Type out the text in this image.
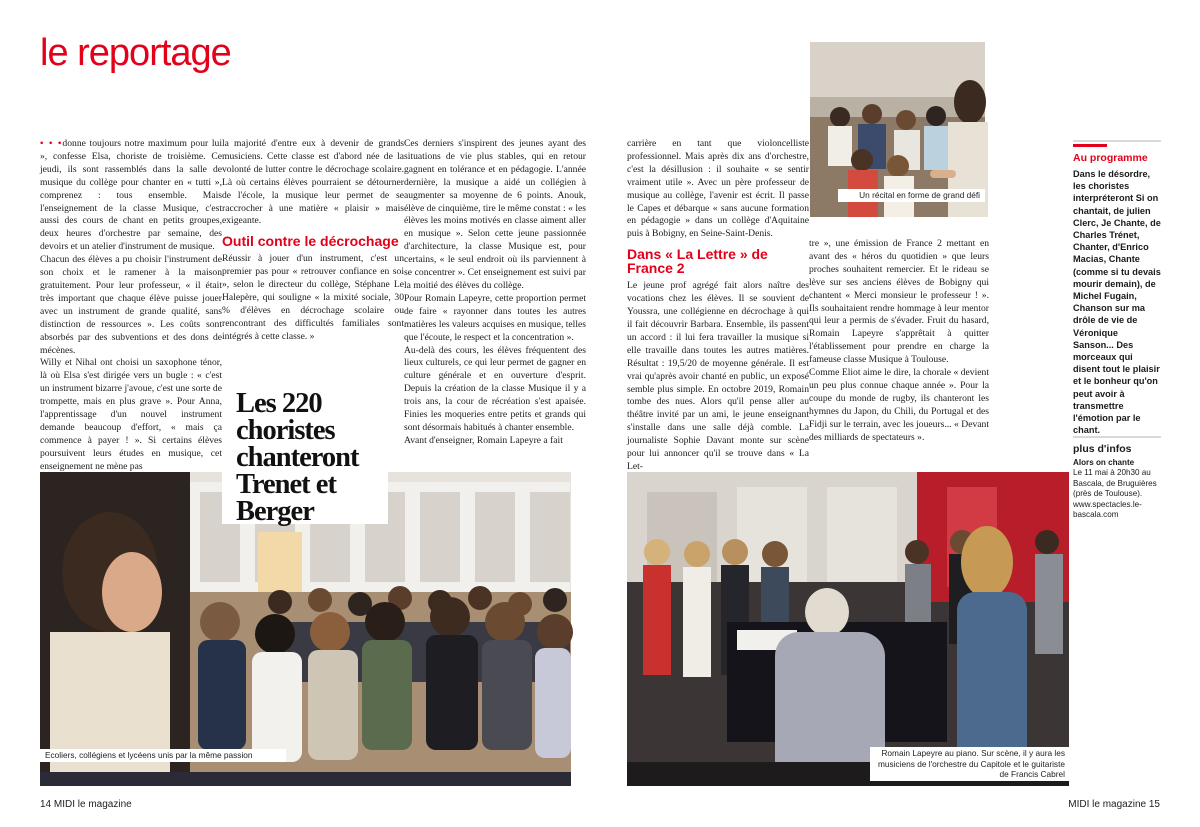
le reportage

• • •donne toujours notre maximum pour lui », confesse Elsa, choriste de troisième. Ce jeudi, ils sont rassemblés dans la salle de musique du collège pour chanter en « tutti », comprenez : tous ensemble. Mais l'enseignement de la classe Musique, c'est aussi des cours de chant en petits groupes, deux heures d'orchestre par semaine, des devoirs et un atelier d'instrument de musique.

Chacun des élèves a pu choisir l'instrument de son choix et le ramener à la maison gratuitement. Pour leur professeur, « il était très important que chaque élève puisse jouer avec un instrument de grande qualité, sans distinction de ressources ». Les coûts sont absorbés par des subventions et des dons de mécènes.

Willy et Nihal ont choisi un saxophone ténor, là où Elsa s'est dirigée vers un bugle : « c'est un instrument bizarre j'avoue, c'est une sorte de trompette, mais en plus grave ». Pour Anna, l'apprentissage d'un nouvel instrument demande beaucoup d'effort, « mais ça commence à payer ! ». Si certains élèves poursuivent leurs études en musique, cet enseignement ne mène pas

la majorité d'entre eux à devenir de grands musiciens. Cette classe est d'abord née de la volonté de lutter contre le décrochage scolaire. Là où certains élèves pourraient se détourner de l'école, la musique leur permet de se raccrocher à une matière « plaisir » mais exigeante.

Outil contre le décrochage

Réussir à jouer d'un instrument, c'est un premier pas pour « retrouver confiance en soi », selon le directeur du collège, Stéphane Le Halepère, qui souligne « la mixité sociale, 30 % d'élèves en décrochage scolaire ou rencontrant des difficultés familiales sont intégrés à cette classe. »

Les 220 choristes chanteront Trenet et Berger

Ces derniers s'inspirent des jeunes ayant des situations de vie plus stables, qui en retour gagnent en tolérance et en pédagogie. L'année dernière, la musique a aidé un collégien à augmenter sa moyenne de 6 points. Anouk, élève de cinquième, tire le même constat : « les élèves les moins motivés en classe aiment aller en musique ». Selon cette jeune passionnée d'architecture, la classe Musique est, pour certains, « le seul endroit où ils parviennent à se concentrer ». Cet enseignement est suivi par la moitié des élèves du collège.

Pour Romain Lapeyre, cette proportion permet de faire « rayonner dans toutes les autres matières les valeurs acquises en musique, telles que l'écoute, le respect et la concentration ».

Au-delà des cours, les élèves fréquentent des lieux culturels, ce qui leur permet de gagner en culture générale et en ouverture d'esprit. Depuis la création de la classe Musique il y a trois ans, la cour de récréation s'est apaisée. Finies les moqueries entre petits et grands qui sont désormais habitués à chanter ensemble.

Avant d'enseigner, Romain Lapeyre a fait

carrière en tant que violoncelliste professionnel. Mais après dix ans d'orchestre, c'est la désillusion : il souhaite « se sentir vraiment utile ». Avec un père professeur de musique au collège, l'avenir est écrit. Il passe le Capes et débarque « sans aucune formation en pédagogie » dans un collège d'Aquitaine puis à Bobigny, en Seine-Saint-Denis.

Dans « La Lettre » de France 2

Le jeune prof agrégé fait alors naître des vocations chez les élèves. Il se souvient de Youssra, une collégienne en décrochage à qui il fait découvrir Barbara. Ensemble, ils passent un accord : il lui fera travailler la musique si elle travaille dans toutes les autres matières. Résultat : 19,5/20 de moyenne générale. Il est vrai qu'après avoir chanté en public, un exposé semble plus simple. En octobre 2019, Romain tombe des nues. Alors qu'il pense aller au théâtre invité par un ami, le jeune enseignant s'installe dans une salle déjà comble. La journaliste Sophie Davant monte sur scène pour lui annoncer qu'il se trouve dans « La Let-

tre », une émission de France 2 mettant en avant des « héros du quotidien » que leurs proches souhaitent remercier. Et le rideau se lève sur ses anciens élèves de Bobigny qui chantent « Merci monsieur le professeur ! ». Ils souhaitaient rendre hommage à leur mentor qui leur a permis de s'évader. Fruit du hasard, Romain Lapeyre s'apprêtait à quitter l'établissement pour prendre en charge la fameuse classe Musique à Toulouse.

Comme Eliot aime le dire, la chorale « devient un peu plus connue chaque année ». Pour la coupe du monde de rugby, ils chanteront les hymnes du Japon, du Chili, du Portugal et des Fidji sur le terrain, avec les joueurs... « Devant des milliards de spectateurs ».

Un récital en forme de grand défi
Ecoliers, collégiens et lycéens unis par la même passion	Romain Lapeyre au piano. Sur scène, il y aura les musiciens de l'orchestre du Capitole et le guitariste de Francis Cabrel
Au programme
Dans le désordre, les choristes interpréteront Si on chantait, de julien Clerc, Je Chante, de Charles Trénet, Chanter, d'Enrico Macias, Chante (comme si tu devais mourir demain), de Michel Fugain, Chanson sur ma drôle de vie de Véronique Sanson... Des morceaux qui disent tout le plaisir et le bonheur qu'on peut avoir à transmettre l'émotion par le chant.
plus d'infos
Alors on chante
Le 11 mai à 20h30 au Bascala, de Bruguières (près de Toulouse). www.spectacles.le-bascala.com
14 MIDI le magazine	MIDI le magazine 15
